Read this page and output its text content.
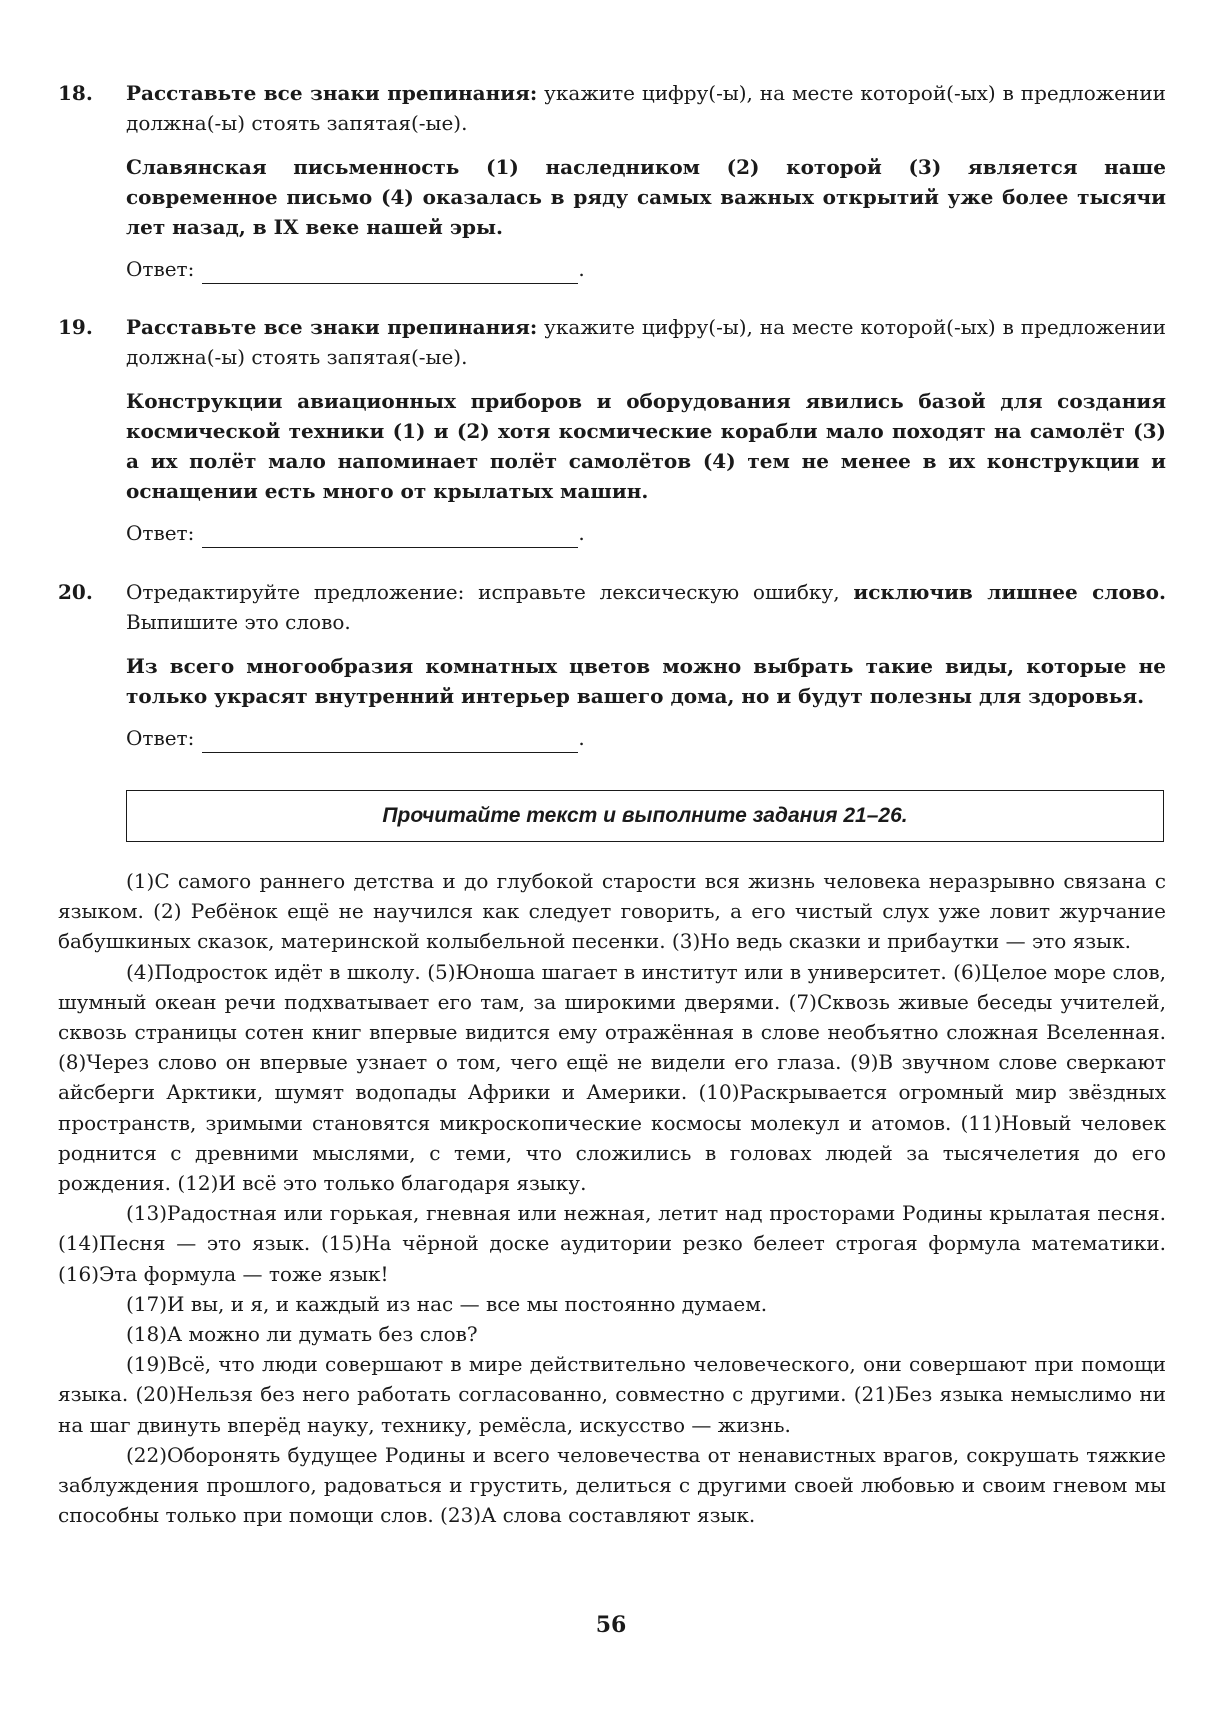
18.	Расставьте все знаки препинания: укажите цифру(-ы), на месте которой(-ых) в предложении должна(-ы) стоять запятая(-ые).
Славянская письменность (1) наследником (2) которой (3) является наше современное письмо (4) оказалась в ряду самых важных открытий уже более тысячи лет назад, в IX веке нашей эры.
Ответ:	.
19.	Расставьте все знаки препинания: укажите цифру(-ы), на месте которой(-ых) в предложении должна(-ы) стоять запятая(-ые).
Конструкции авиационных приборов и оборудования явились базой для создания космической техники (1) и (2) хотя космические корабли мало походят на самолёт (3) а их полёт мало напоминает полёт самолётов (4) тем не менее в их конструкции и оснащении есть много от крылатых машин.
Ответ:	.
20.	Отредактируйте предложение: исправьте лексическую ошибку, исключив лишнее слово. Выпишите это слово.
Из всего многообразия комнатных цветов можно выбрать такие виды, которые не только украсят внутренний интерьер вашего дома, но и будут полезны для здоровья.
Ответ:	.
Прочитайте текст и выполните задания 21–26.

(1)С самого раннего детства и до глубокой старости вся жизнь человека неразрывно связана с языком. (2) Ребёнок ещё не научился как следует говорить, а его чистый слух уже ловит журчание бабушкиных сказок, материнской колыбельной песенки. (3)Но ведь сказки и прибаутки — это язык.

(4)Подросток идёт в школу. (5)Юноша шагает в институт или в университет. (6)Целое море слов, шумный океан речи подхватывает его там, за широкими дверями. (7)Сквозь живые беседы учителей, сквозь страницы сотен книг впервые видится ему отражённая в слове необъятно сложная Вселенная. (8)Через слово он впервые узнает о том, чего ещё не видели его глаза. (9)В звучном слове сверкают айсберги Арктики, шумят водопады Африки и Америки. (10)Раскрывается огромный мир звёздных пространств, зримыми становятся микроскопические космосы молекул и атомов. (11)Новый человек роднится с древними мыслями, с теми, что сложились в головах людей за тысячелетия до его рождения. (12)И всё это только благодаря языку.

(13)Радостная или горькая, гневная или нежная, летит над просторами Родины крылатая песня. (14)Песня — это язык. (15)На чёрной доске аудитории резко белеет строгая формула математики. (16)Эта формула — тоже язык!

(17)И вы, и я, и каждый из нас — все мы постоянно думаем.

(18)А можно ли думать без слов?

(19)Всё, что люди совершают в мире действительно человеческого, они совершают при помощи языка. (20)Нельзя без него работать согласованно, совместно с другими. (21)Без языка немыслимо ни на шаг двинуть вперёд науку, технику, ремёсла, искусство — жизнь.

(22)Оборонять будущее Родины и всего человечества от ненавистных врагов, сокрушать тяжкие заблуждения прошлого, радоваться и грустить, делиться с другими своей любовью и своим гневом мы способны только при помощи слов. (23)А слова составляют язык.

56
